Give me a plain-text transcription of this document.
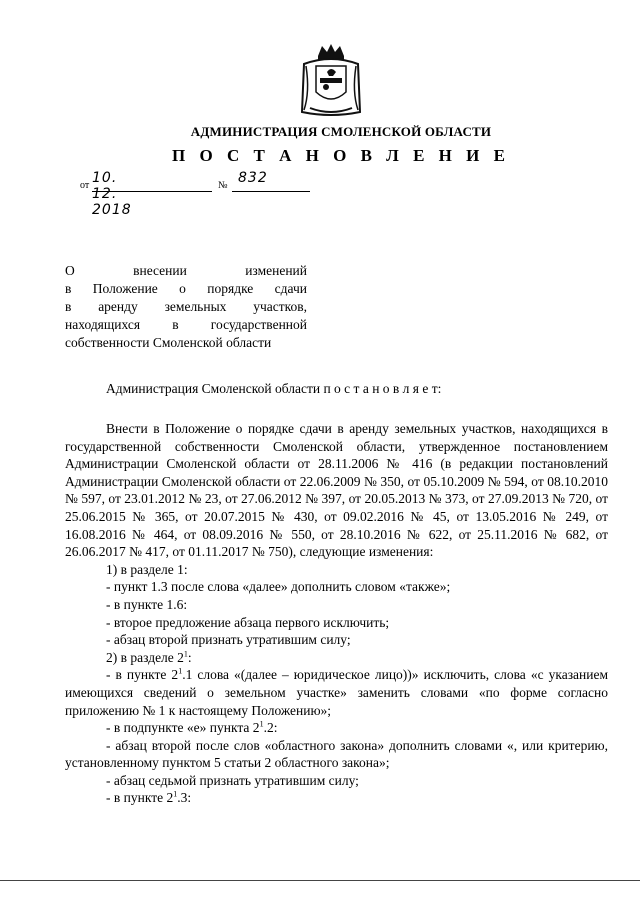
АДМИНИСТРАЦИЯ СМОЛЕНСКОЙ ОБЛАСТИ
П О С Т А Н О В Л Е Н И Е
от 10. 12. 2018
№ 832
О внесении изменений
в Положение о порядке сдачи
в аренду земельных участков,
находящихся в государственной
собственности Смоленской области
Администрация Смоленской области п о с т а н о в л я е т:

Внести в Положение о порядке сдачи в аренду земельных участков, находящихся в государственной собственности Смоленской области, утвержденное постановлением Администрации Смоленской области от 28.11.2006 № 416 (в редакции постановлений Администрации Смоленской области от 22.06.2009 № 350, от 05.10.2009 № 594, от 08.10.2010 № 597, от 23.01.2012 № 23, от 27.06.2012 № 397, от 20.05.2013 № 373, от 27.09.2013 № 720, от 25.06.2015 № 365, от 20.07.2015 № 430, от 09.02.2016 № 45, от 13.05.2016 № 249, от 16.08.2016 № 464, от 08.09.2016 № 550, от 28.10.2016 № 622, от 25.11.2016 № 682, от 26.06.2017 № 417, от 01.11.2017 № 750), следующие изменения:

1) в разделе 1:

- пункт 1.3 после слова «далее» дополнить словом «также»;

- в пункте 1.6:

- второе предложение абзаца первого исключить;

- абзац второй признать утратившим силу;

2) в разделе $2^1$:

- в пункте $2^1.1$ слова «(далее – юридическое лицо))» исключить, слова «с указанием имеющихся сведений о земельном участке» заменить словами «по форме согласно приложению № 1 к настоящему Положению»;

- в подпункте «е» пункта $2^1.2$:

- абзац второй после слов «областного закона» дополнить словами «, или критерию, установленному пунктом 5 статьи 2 областного закона»;

- абзац седьмой признать утратившим силу;

- в пункте $2^1.3$:
